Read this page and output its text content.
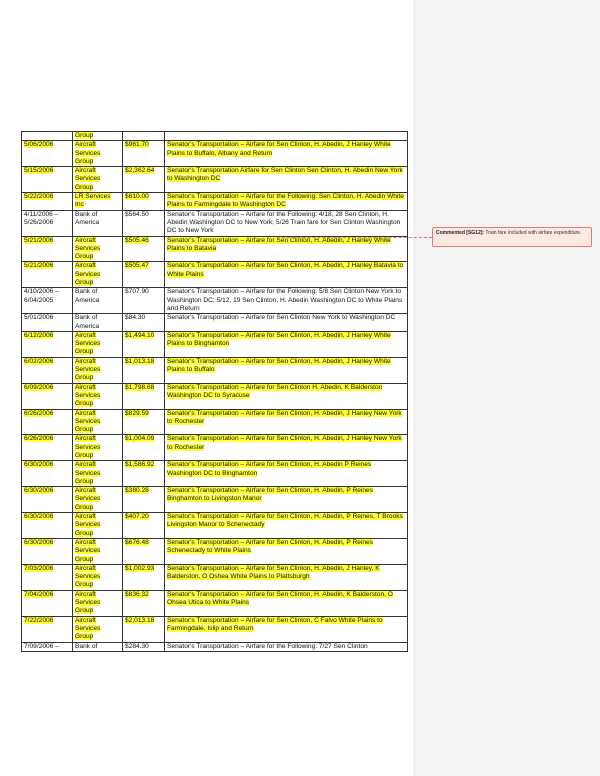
	Group		
5/06/2006	Aircraft Services Group	$961.70	Senator's Transportation – Airfare for Sen Clinton, H. Abedin, J Hanley White Plains to Buffalo, Albany and Return
5/15/2006	Aircraft Services Group	$2,362.64	Senator's Transportation Airfare for Sen Clinton Sen Clinton, H. Abedin New York to Washington DC
5/22/2006	LR Services Inc	$610.00	Senator's Transportation – Airfare for the Following: Sen Clinton, H. Abedin White Plains to Farmingdale to Washington DC
4/11/2006 – 5/26/2006	Bank of America	$564.50	Senator's Transportation – Airfare for the Following: 4/18, 28 Sen Clinton, H. Abedin Washington DC to New York; 5/26 Train fare for Sen Clinton Washington DC to New York
5/21/2006	Aircraft Services Group	$505.46	Senator's Transportation – Airfare for Sen Clinton, H. Abedin, J Hanley White Plains to Batavia
5/21/2006	Aircraft Services Group	$505.47	Senator's Transportation – Airfare for Sen Clinton, H. Abedin, J Hanley Batavia to White Plains
4/10/2006 – 6/04/2005	Bank of America	$707.90	Senator's Transportation – Airfare for the Following: 5/8 Sen Clinton New York to Washington DC; 5/12, 19 Sen Clinton, H. Abedin Washington DC to White Plains and Return
5/01/2006	Bank of America	$84.30	Senator's Transportation – Airfare for Sen Clinton New York to Washington DC
6/12/2006	Aircraft Services Group	$1,494.10	Senator's Transportation – Airfare for Sen Clinton, H. Abedin, J Hanley White Plains to Binghamton
6/02/2006	Aircraft Services Group	$1,013.18	Senator's Transportation – Airfare for Sen Clinton, H. Abedin, J Hanley White Plains to Buffalo
6/09/2006	Aircraft Services Group	$1,798.68	Senator's Transportation – Airfare for Sen Clinton H. Abedin, K Balderston Washington DC to Syracuse
6/26/2006	Aircraft Services Group	$829.59	Senator's Transportation – Airfare for Sen Clinton, H. Abedin, J Hanley New York to Rochester
6/26/2006	Aircraft Services Group	$1,004.09	Senator's Transportation – Airfare for Sen Clinton, H. Abedin, J Hanley New York to Rochester
6/30/2006	Aircraft Services Group	$1,586.92	Senator's Transportation – Airfare for Sen Clinton, H. Abedin P Reines Washington DC to Binghamton
6/30/2006	Aircraft Services Group	$380.28	Senator's Transportation – Airfare for Sen Clinton, H. Abedin, P Reines Binghamton to Livingston Manor
6/30/2006	Aircraft Services Group	$407.20	Senator's Transportation – Airfare for Sen Clinton, H. Abedin, P Reines, T Brooks Livingston Manor to Schenectady
6/30/2006	Aircraft Services Group	$676.48	Senator's Transportation – Airfare for Sen Clinton, H. Abedin, P Reines Schenectady to White Plains
7/03/2006	Aircraft Services Group	$1,002.93	Senator's Transportation – Airfare for Sen Clinton, H. Abedin, J Hanley, K Balderston, O Oshea White Plains to Plattsburgh
7/04/2006	Aircraft Services Group	$836.32	Senator's Transportation – Airfare for Sen Clinton, H. Abedin, K Balderston, O Ohsea Utica to White Plains
7/22/2006	Aircraft Services Group	$2,013.18	Senator's Transportation – Airfare for Sen Clinton, C Falvo White Plains to Farmingdale, Islip and Return
7/09/2006 –	Bank of	$284.30	Senator's Transportation – Airfare for the Following: 7/27 Sen Clinton
Commented [SG12]: Train fare included with airfare expenditure.
